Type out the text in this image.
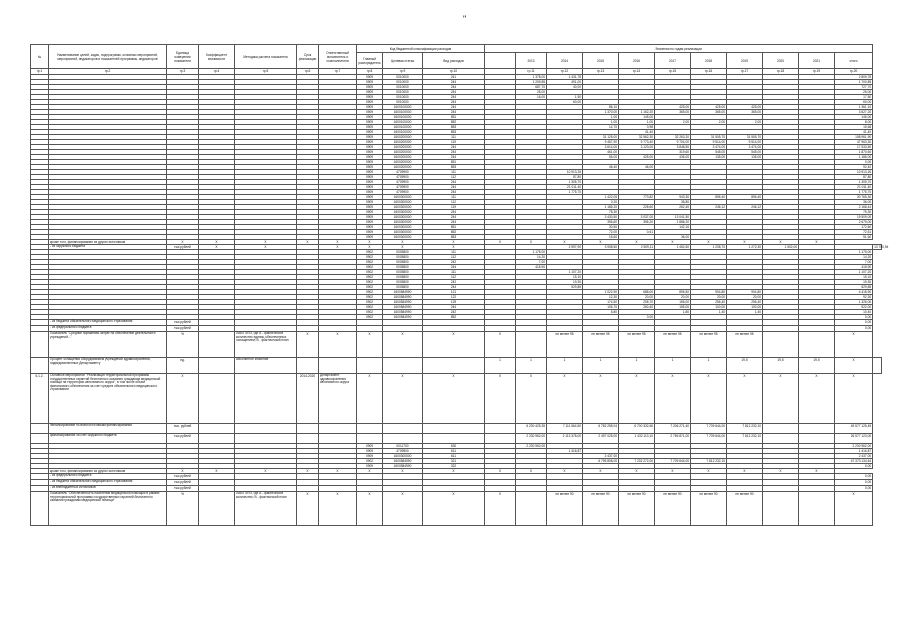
"
№	Наименование целей, задач, подпрограмм, основных мероприятий, мероприятий, индикаторов и показателей программы, индикаторов	Единица измерения показателя	Коэффициент значимости	Методика расчета показателя	Срок реализации	Ответственный исполнитель и соисполнители	Код бюджетной классификации расходов			Значения по годам реализации											
							Главный распорядитель	Целевая статья	Вид расходов		2013	2014	2015	2016	2017	2018	2019	2020	2021	итого	
гр.1	гр.2	гр.3	гр.4	гр.5	гр.6	гр.7	гр.8	гр.9	гр.10		гр.11	гр.12	гр.13	гр.14	гр.15	гр.16	гр.17	гр.18	гр.19	гр.20	
							0909	0010000	241		1 378,00	1 431,78								2 809,78	
							0909	0010000	244		1 209,85	491,00								1 700,85	
							0909	0010000	244		687,70	40,00								727,70	
							0909	0010000	244		25,00									25,00	
							0909	0010000	244		16,00	1,50								17,50	
							0909	0010000	244			60,00								60,00	
							0909	1600100000	244				86,10		425,00	425,00	425,00			1 361,10	
							0909	1600100000	244				1 370,00	1 162,20	365,00	365,00	365,00			3 627,20	
							0909	1600100000	851				1,00	145,00						146,00	
							0909	1600100000	852				1,00	1,00	2,00	2,00	2,00			8,00	
							0909	1600100000	853				14,70	0,98						15,68	
							0909	1600100000	853					41,40						41,40	
							0909	1600200000	111				31 125,00	32 562,30	32 263,20	31 505,70	31 505,70			158 961,90	
							0909	1600200000	119				9 457,90	9 773,40	9 704,00	9 514,00	9 514,00			47 963,30	
							0909	1600200000	244				3 614,00	3 123,00	3 848,50	3 474,00	3 474,00			17 533,50	
							0909	1600200000	244				461,00		319,60	545,00	545,00			1 870,60	
							0909	1600200000	244				56,00	425,00	435,00	135,00	135,00			1 186,00	
							0909	1600200000	851											0,00	
							0909	1600200000	853				46,40	46,00						92,40	
							0909	4709900	111			10 913,26								10 913,26	
							0909	4709900	112			87,80								87,80	
							0909	4709900	244			1 305,70								1 305,70	
							0909	4709900	244			21 011,40								21 011,40	
							0909	4709900	244			1 775,70								1 775,70	
							0909	1600300000	111				1 422,05	773,82	943,30	896,40	896,40			30 765,30	
							0909	1600300000	112				0,20		35,80					36,00	
							0909	1600300000	119				1 185,20	228,60	262,40	246,12	246,12			2 168,44	
							0909	1600300000	244				75,30							75,30	
							0909	1600300000	244				3 430,50	3 037,00	13 041,50					19 509,00	
							0909	1600300000	244				396,60	396,20	1 886,20					2 679,00	
							0909	1600300000	851				30,50		142,10					172,60	
							0909	1600300000	852				72,00	0,61						72,61	
							0909	1600300000	853				15,60		36,00					51,60	
	кроме того, финансирование из других источников	X	X	X	X	X	X	X	X	X	X	X	X	X	X	X	X	X	X		
	- из окружного бюджета	тыс.рублей	X	X		X	X	X	X			2 597,90	3 908,50	2 509,11	1 452,60	1 208,70	1 272,30	1 502,00			13 750,94
							0902	0005800	111		1 175,00									1 175,00	
							0902	0005800	112		14,20									14,20	
							0902	0005800	242		7,00									7,00	
							0902	0005800	244		418,90									418,90	
							0902	0005800	111			1 107,20								1 107,20	
							0902	0005800	112			15,10								15,10	
							0902	0005800	242			19,30								19,30	
							0902	0005800	244			529,85								529,85	
							0902	1600584990	121				1 022,90	688,00	896,50	904,80	904,80			4 418,90	
							0902	1600584990	122				12,30	20,00	20,00	20,00	20,00			92,30	
							0902	1600584990	129				174,50	208,70	156,00	256,40	256,40			1 326,00	
							0902	1600584990	244				106,70	260,40	155,00	100,00	100,00			922,00	
							0902	1600584990	242				5,80		1,80	1,40	1,40			10,40	
							0902	1600584990	852					0,00						0,00	
	- из бюджета обязательного медицинского страхования	тыс.рублей																		0,00	
	- из федерального бюджета	тыс.рублей																		0,00	
	Показатель "Средние нормативы затрат на обеспечение деятельности учреждений..."	%		ЛАБ/ГЗ/ПЗ, где А - фактическое количество единиц обеспеченных оснащением; В - фактический план	X	X	X	X	X	X		не менее 95	не менее 95	не менее 95	не менее 95	не менее 95	не менее 95			X	
	Процент оснащения оборудованием учреждений здравоохранения, подведомственных Департаменту	ед.		абсолютное значение						1	1	1	1	1	1	1	19,5	19,5	19,5	X	
6.1.2.	Основное мероприятие "Реализация территориальной программы государственных гарантий бесплатного оказания гражданам медицинской помощи на территории автономного округа", в том числе объем финансового обеспечения за счет средств обязательного медицинского страхования	X			2014-2020	Департамент здравоохранения автономного округа	X	X	X	X	X	X	X	X	X	X	X	X	X	X	
	Финансирование по всем источникам финансирования	тыс. рублей									6 230 425,35	7 111 564,50	6 782 255,04	6 700 332,66	7 206 271,40	7 709 644,00	7 812 232,10			49 577 125,45	
	финансирование за счет окружного бюджета	тыс.рублей									2 230 962,00	2 113 378,00	2 497 025,00	1 432 113,10	2 756 871,00	7 709 644,00	7 812 232,10			26 577 123,00	
							0909	0011700	630		2 230 962,00									2 230 962,00	
							0909	4709500	611			1 416,87								1 416,87	
							0909	1600300000	611				2 437,00							2 437,00	
							0902	1600584990	321				6 795 808,00	7 232 272,00	7 709 644,00	7 812 232,10				47 373 134,64	
							0909	1600584990	322											0,00	
	кроме того, финансирование из других источников	X	X	X	X	X	X	X	X	X	X	X	X	X	X	X	X	X	X		
	- из федерального бюджета	тыс.рублей																		0,00	
	- из бюджета обязательного медицинского страхования	тыс.рублей																		0,00	
	- из внебюджетных источников	тыс.рублей																		0,00	
	Показатель "Обеспеченность населения медицинской помощью в рамках территориальной программы государственных гарантий бесплатного оказания гражданам медицинской помощи"	%		ЛАБ/ГЗ/ПЗ, где А - фактическое количество; В - фактический план	X	X	X	X	X	X		не менее 90	не менее 90	не менее 90	не менее 90	не менее 90	не менее 90			X	
